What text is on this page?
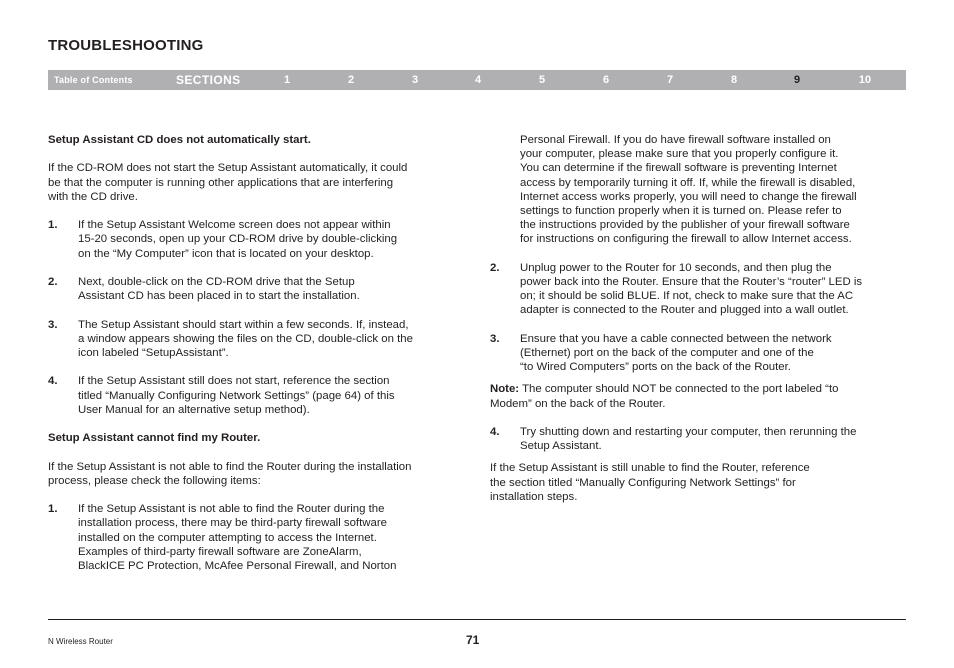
TROUBLESHOOTING
Table of Contents	SECTIONS	1	2	3	4	5	6	7	8	9	10

Setup Assistant CD does not automatically start.

If the CD-ROM does not start the Setup Assistant automatically, it could

be that the computer is running other applications that are interfering

with the CD drive.

1.	If the Setup Assistant Welcome screen does not appear within

15-20 seconds, open up your CD-ROM drive by double-clicking

on the “My Computer” icon that is located on your desktop.

2.	Next, double-click on the CD-ROM drive that the Setup

Assistant CD has been placed in to start the installation.

3.	The Setup Assistant should start within a few seconds. If, instead,

a window appears showing the files on the CD, double-click on the

icon labeled “SetupAssistant”.

4.	If the Setup Assistant still does not start, reference the section

titled “Manually Configuring Network Settings” (page 64) of this

User Manual for an alternative setup method).

Setup Assistant cannot find my Router.

If the Setup Assistant is not able to find the Router during the installation

process, please check the following items:

1.	If the Setup Assistant is not able to find the Router during the

installation process, there may be third-party firewall software

installed on the computer attempting to access the Internet.

Examples of third-party firewall software are ZoneAlarm,

BlackICE PC Protection, McAfee Personal Firewall, and Norton

Personal Firewall. If you do have firewall software installed on

your computer, please make sure that you properly configure it.

You can determine if the firewall software is preventing Internet

access by temporarily turning it off. If, while the firewall is disabled,

Internet access works properly, you will need to change the firewall

settings to function properly when it is turned on. Please refer to

the instructions provided by the publisher of your firewall software

for instructions on configuring the firewall to allow Internet access.

2.	Unplug power to the Router for 10 seconds, and then plug the

power back into the Router. Ensure that the Router’s “router” LED is

on; it should be solid BLUE. If not, check to make sure that the AC

adapter is connected to the Router and plugged into a wall outlet.

3.	Ensure that you have a cable connected between the network

(Ethernet) port on the back of the computer and one of the

“to Wired Computers” ports on the back of the Router.

Note: The computer should NOT be connected to the port labeled “to

Modem” on the back of the Router.

4.	Try shutting down and restarting your computer, then rerunning the

Setup Assistant.

If the Setup Assistant is still unable to find the Router, reference

the section titled “Manually Configuring Network Settings” for

installation steps.

N Wireless Router	71
